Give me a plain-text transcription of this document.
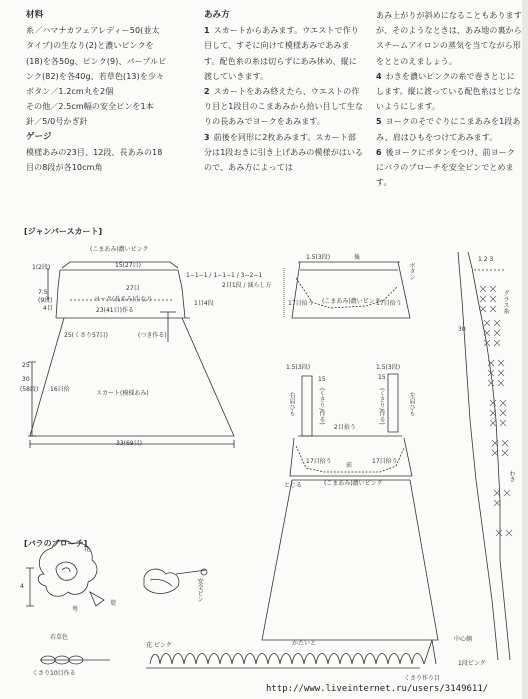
材料

糸／ハマナカフェアレディー50(並太

タイプ)の生なり(2)と濃いピンクを

(18)を各50g、ピンク(9)、パープルピ

ンク(82)を各40g、若草色(13)を少々

ボタン／1.2cm丸を2個

その他／2.5cm幅の安全ピンを1本

針／5/0号かぎ針

ゲージ

模様あみの23目、12段、長あみの18

目の8段が各10cm角

あみ方

1 スカートからあみます。ウエストで作り目して、すそに向けて模様あみであみます。配色糸の糸は切らずにあみ休め、縦に渡していきます。

2 スカートをあみ終えたら、ウエストの作り目と1段目のこまあみから拾い目して生なりの長あみでヨークをあみます。

3 前後を同形に2枚あみます。スカート部分は1段おきに引き上げあみの模様がはいるので、あみ方によっては

あみ上がりが斜めになることもありますが、そのようなときは、あみ地の裏からスチームアイロンの蒸気を当てながら形をととのえましょう。

4 わきを濃いピンクの糸で巻きとじにします。縦に渡っている配色糸はとじないようにします。

5 ヨークのそでぐりにこまあみを1段あみ、肩はひもをつけてあみます。

6 後ヨークにボタンをつけ、前ヨークにバラのブローチを安全ピンでとめます。

[ジャンパースカート]
[バラのブローチ]
(こまあみ)濃いピンク
15(27目)
1(2段)
27目
ヨーク(長あみ)生なり
23(41目)作る
7.5
(9段)
4目
1−1−1 / 1−1−1 / 3−2−1
2目1段 / 減らし方
1目4段
25(くさり57目)	(つき作る)
16目拾
25
30
(58段)
スカート(模様あみ)
33(69目)
後
1.5(3段)
ボタン
17目拾う	17目拾う
(こまあみ)濃いピンク
1.5(3段)	1.5(3段)
15	15
右肩ひも	左肩ひも
(くさり/作る)	(くさり/作る)
2目拾う
前
17目拾う	17目拾う
とじる	(こまあみ)濃いピンク
かたいと
1 2 3
グラス糸
30
わき
花
4	安全ピン
萼
葉
若草色
くさり10目作る
花 ピンク
中心側
1段ピンク
くさり作り目
http://www.liveinternet.ru/users/3149611/
